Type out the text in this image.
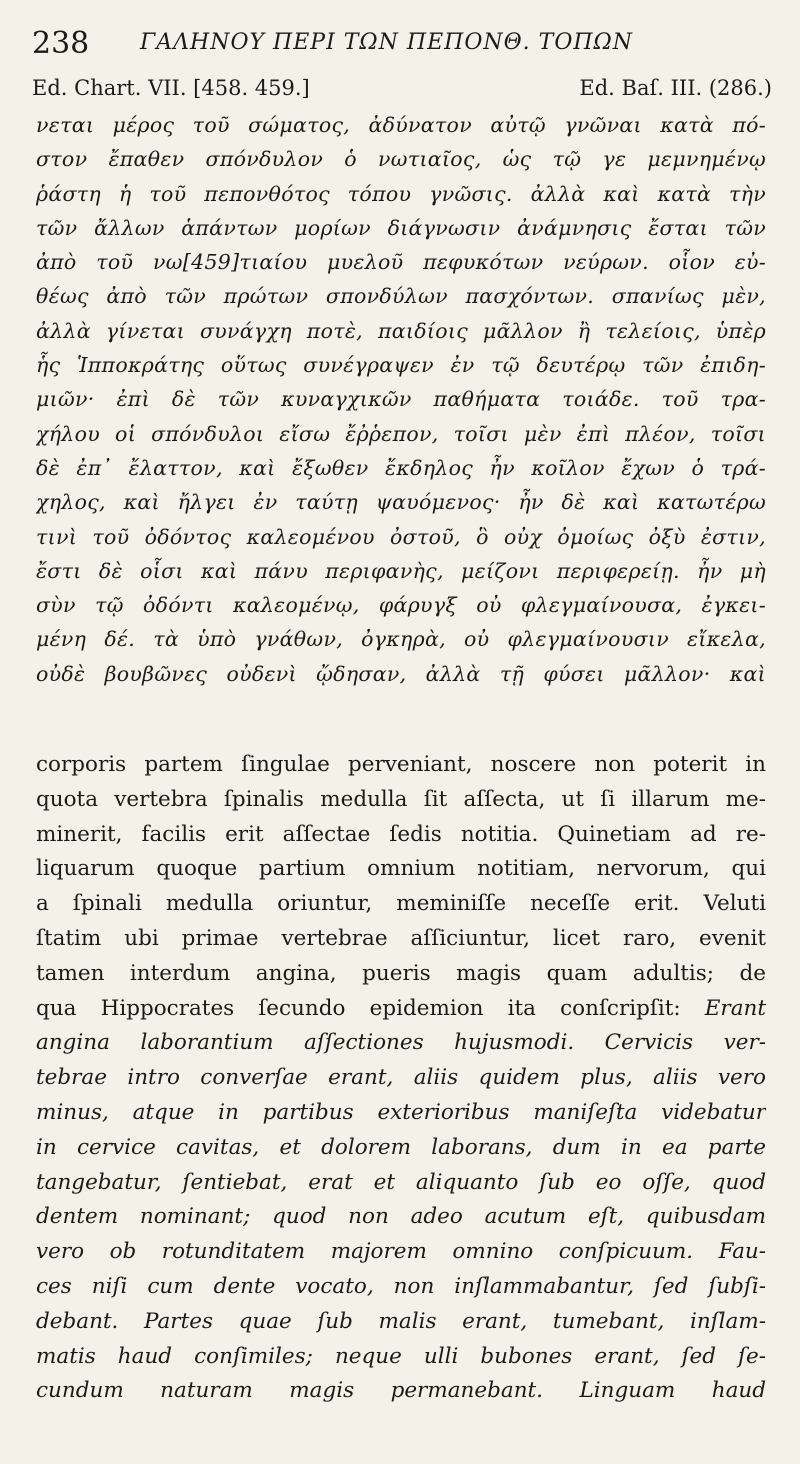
238 ΓΑΛΗΝΟΥ ΠΕΡΙ ΤΩΝ ΠΕΠΟΝΘ. ΤΟΠΩΝ
Ed. Chart. VII. [458. 459.]	Ed. Baſ. III. (286.)
νεται μέρος τοῦ σώματος, ἀδύνατον αὐτῷ γνῶναι κατὰ πό-
στον ἔπαθεν σπόνδυλον ὁ νωτιαῖος, ὡς τῷ γε μεμνημένῳ
ῥάστη ἡ τοῦ πεπονθότος τόπου γνῶσις. ἀλλὰ καὶ κατὰ τὴν
τῶν ἄλλων ἁπάντων μορίων διάγνωσιν ἀνάμνησις ἔσται τῶν
ἀπὸ τοῦ νω[459]τιαίου μυελοῦ πεφυκότων νεύρων. οἷον εὐ-
θέως ἀπὸ τῶν πρώτων σπονδύλων πασχόντων. σπανίως μὲν,
ἀλλὰ γίνεται συνάγχη ποτὲ, παιδίοις μᾶλλον ἢ τελείοις, ὑπὲρ
ἧς Ἱπποκράτης οὕτως συνέγραψεν ἐν τῷ δευτέρῳ τῶν ἐπιδη-
μιῶν· ἐπὶ δὲ τῶν κυναγχικῶν παθήματα τοιάδε. τοῦ τρα-
χήλου οἱ σπόνδυλοι εἴσω ἔῤῥεπον, τοῖσι μὲν ἐπὶ πλέον, τοῖσι
δὲ ἐπ᾽ ἔλαττον, καὶ ἔξωθεν ἔκδηλος ἦν κοῖλον ἔχων ὁ τρά-
χηλος, καὶ ἤλγει ἐν ταύτῃ ψαυόμενος· ἦν δὲ καὶ κατωτέρω
τινὶ τοῦ ὀδόντος καλεομένου ὀστοῦ, ὃ οὐχ ὁμοίως ὀξὺ ἐστιν,
ἔστι δὲ οἷσι καὶ πάνυ περιφανὴς, μείζονι περιφερείῃ. ἦν μὴ
σὺν τῷ ὀδόντι καλεομένῳ, φάρυγξ οὐ φλεγμαίνουσα, ἐγκει-
μένη δέ. τὰ ὑπὸ γνάθων, ὀγκηρὰ, οὐ φλεγμαίνουσιν εἴκελα,
οὐδὲ βουβῶνες οὐδενὶ ᾤδησαν, ἀλλὰ τῇ φύσει μᾶλλον· καὶ
corporis partem ſingulae perveniant, noscere non poterit in
quota vertebra ſpinalis medulla ſit aſſecta, ut ſi illarum me-
minerit, facilis erit aſſectae ſedis notitia. Quinetiam ad re-
liquarum quoque partium omnium notitiam, nervorum, qui
a ſpinali medulla oriuntur, meminiſſe neceſſe erit. Veluti
ſtatim ubi primae vertebrae aſſiciuntur, licet raro, evenit
tamen interdum angina, pueris magis quam adultis; de
qua Hippocrates ſecundo epidemion ita conſcripſit: Erant
angina laborantium aſſectiones hujusmodi. Cervicis ver-
tebrae intro converſae erant, aliis quidem plus, aliis vero
minus, atque in partibus exterioribus maniſeſta videbatur
in cervice cavitas, et dolorem laborans, dum in ea parte
tangebatur, ſentiebat, erat et aliquanto ſub eo oſſe, quod
dentem nominant; quod non adeo acutum eſt, quibusdam
vero ob rotunditatem majorem omnino conſpicuum. Fau-
ces niſi cum dente vocato, non inſlammabantur, ſed ſubſi-
debant. Partes quae ſub malis erant, tumebant, inſlam-
matis haud conſimiles; neque ulli bubones erant, ſed ſe-
cundum naturam magis permanebant. Linguam haud
